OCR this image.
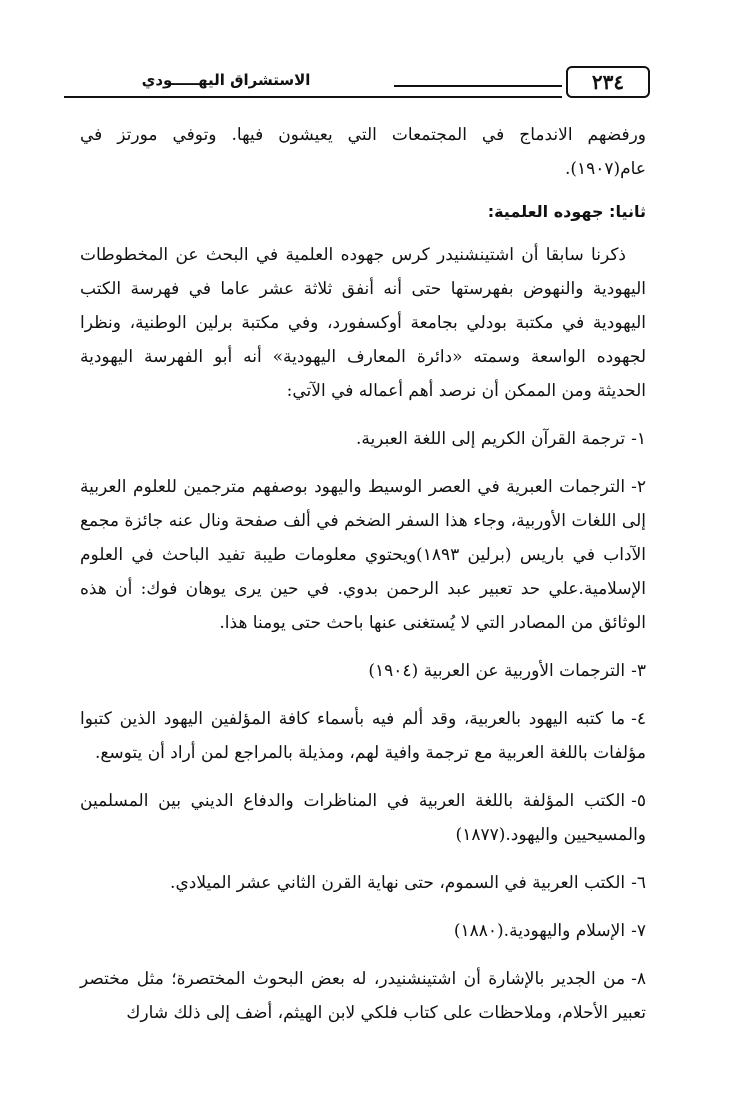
٢٣٤
الاستشراق اليهـــــودي

ورفضهم الاندماج في المجتمعات التي يعيشون فيها. وتوفي مورتز في عام(١٩٠٧).

ثانيا: جهوده العلمية:

ذكرنا سابقا أن اشتينشنيدر كرس جهوده العلمية في البحث عن المخطوطات اليهودية والنهوض بفهرستها حتى أنه أنفق ثلاثة عشر عاما في فهرسة الكتب اليهودية في مكتبة بودلي بجامعة أوكسفورد، وفي مكتبة برلين الوطنية، ونظرا لجهوده الواسعة وسمته «دائرة المعارف اليهودية» أنه أبو الفهرسة اليهودية الحديثة ومن الممكن أن نرصد أهم أعماله في الآتي:

١-ترجمة القرآن الكريم إلى اللغة العبرية.
٢-الترجمات العبرية في العصر الوسيط واليهود بوصفهم مترجمين للعلوم العربية إلى اللغات الأوربية، وجاء هذا السفر الضخم في ألف صفحة ونال عنه جائزة مجمع الآداب في باريس (برلين ١٨٩٣)ويحتوي معلومات طيبة تفيد الباحث في العلوم الإسلامية.علي حد تعبير عبد الرحمن بدوي. في حين يرى يوهان فوك: أن هذه الوثائق من المصادر التي لا يُستغنى عنها باحث حتى يومنا هذا.
٣-الترجمات الأوربية عن العربية (١٩٠٤)
٤-ما كتبه اليهود بالعربية، وقد ألم فيه بأسماء كافة المؤلفين اليهود الذين كتبوا مؤلفات باللغة العربية مع ترجمة وافية لهم، ومذيلة بالمراجع لمن أراد أن يتوسع.
٥-الكتب المؤلفة باللغة العربية في المناظرات والدفاع الديني بين المسلمين والمسيحيين واليهود.(١٨٧٧)
٦-الكتب العربية في السموم، حتى نهاية القرن الثاني عشر الميلادي.
٧-الإسلام واليهودية.(١٨٨٠)
٨-من الجدير بالإشارة أن اشتينشنيدر، له بعض البحوث المختصرة؛ مثل مختصر تعبير الأحلام، وملاحظات على كتاب فلكي لابن الهيثم، أضف إلى ذلك شارك
